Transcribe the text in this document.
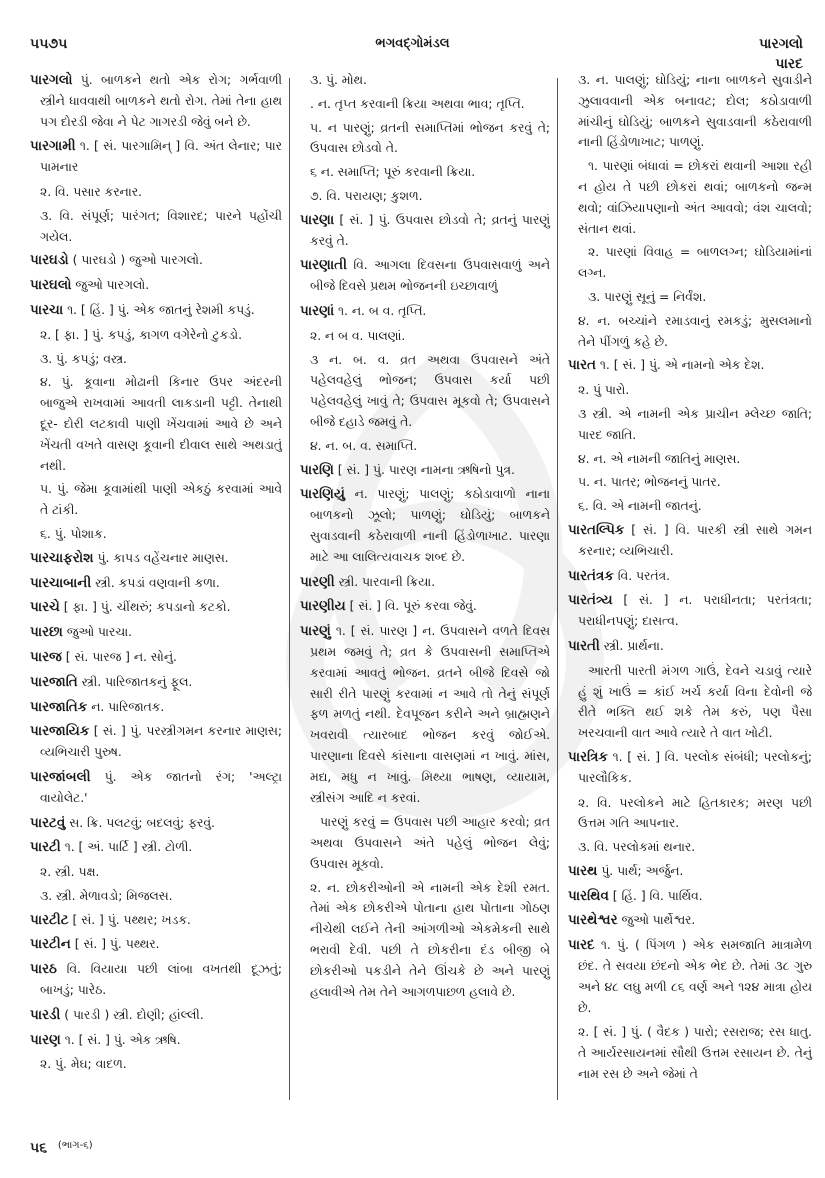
૫૫૭૫	ભગવદ્ગોમંડલ	પારગલો
પારદ

પારગલો પું. બાળકને થતો એક રોગ; ગર્ભવાળી સ્ત્રીને ધાવવાથી બાળકને થતો રોગ. તેમાં તેના હાથ પગ દોરડી જેવા ને પેટ ગાગરડી જેવું બને છે.

પારગામી ૧. [ સં. પારગામિન્ ] વિ. અંત લેનાર; પાર પામનાર

૨. વિ. પસાર કરનાર.

૩. વિ. સંપૂર્ણ; પારંગત; વિશારદ; પારને પહોંચી ગયેલ.

પારઘડો ( પારઘડો ) જુઓ પારગલો.

પારઘલો જુઓ પારગલો.

પારચા ૧. [ હિં. ] પું. એક જાતનું રેશમી કપડું.

૨. [ ફા. ] પું. કપડું, કાગળ વગેરેનો ટુકડો.

૩. પું. કપડું; વસ્ત્ર.

૪. પું. કૂવાના મોઢાની કિનાર ઉપર અંદરની બાજુએ રાખવામાં આવતી લાકડાની પટ્ટી. તેનાથી દૂર- દોરી લટકાવી પાણી ખેંચવામાં આવે છે અને ખેંચતી વખતે વાસણ કૂવાની દીવાલ સાથે અથડાતું નથી.

૫. પું. જેમા કૂવામાંથી પાણી એકઠું કરવામાં આવે તે ટાંકી.

૬. પું. પોશાક.

પારચાફરોશ પું. કાપડ વહેંચનાર માણસ.

પારચાબાની સ્ત્રી. કપડાં વણવાની કળા.

પારચે [ ફા. ] પું. ચીંથરું; કપડાનો કટકો.

પારછા જુઓ પારચા.

પારજ [ સં. પારજ ] ન. સોનું.

પારજાતિ સ્ત્રી. પારિજાતકનું ફૂલ.

પારજાતિક ન. પારિજાતક.

પારજાયિક [ સં. ] પું. પરસ્ત્રીગમન કરનાર માણસ; વ્યભિચારી પુરુષ.

પારજાંબલી પું. એક જાતનો રંગ; 'અલ્ટ્રા વાયોલેટ.'

પારટવું સ. ક્રિ. પલટવું; બદલવું; ફરવું.

પારટી ૧. [ અં. પાર્ટિ ] સ્ત્રી. ટોળી.

૨. સ્ત્રી. પક્ષ.

૩. સ્ત્રી. મેળાવડો; મિજલસ.

પારટીટ [ સં. ] પું. પથ્થર; ખડક.

પારટીન [ સં. ] પું. પથ્થર.

પારઠ વિ. વિયાયા પછી લાંબા વખતથી દૂઝતું; બાખડું; પારેઠ.

પારડી ( પારડી ) સ્ત્રી. દોણી; હાંલ્લી.

પારણ ૧. [ સં. ] પું. એક ઋષિ.

૨. પું. મેઘ; વાદળ.

૩. પું. મોથ.

. ન. તૃપ્ત કરવાની ક્રિયા અથવા ભાવ; તૃપ્તિ.

૫. ન પારણું; વ્રતની સમાપ્તિમાં ભોજન કરવું તે; ઉપવાસ છોડવો તે.

૬ ન. સમાપ્તિ; પૂરું કરવાની ક્રિયા.

૭. વિ. પરાયણ; કુશળ.

પારણા [ સં. ] પું. ઉપવાસ છોડવો તે; વ્રતનું પારણું કરવું તે.

પારણાતી વિ. આગલા દિવસના ઉપવાસવાળું અને બીજે દિવસે પ્રથમ ભોજનની ઇચ્છાવાળું

પારણાં ૧. ન. બ વ. તૃપ્તિ.

૨. ન બ વ. પાલણાં.

૩ ન. બ. વ. વ્રત અથવા ઉપવાસને અંતે પહેલવહેલું ભોજન; ઉપવાસ કર્યા પછી પહેલવહેલું ખાવું તે; ઉપવાસ મૂકવો તે; ઉપવાસને બીજે દહાડે જમવું તે.

૪. ન. બ. વ. સમાપ્તિ.

પારણિ [ સં. ] પું. પારણ નામના ઋષિનો પુત્ર.

પારણિયું ન. પારણું; પાલણું; કઠોડાવાળો નાના બાળકનો ઝૂલો; પાળણું; ઘોડિયું; બાળકને સુવાડવાની કઠેરાવાળી નાની હિંડોળાખાટ. પારણા માટે આ લાલિત્યવાચક શબ્દ છે.

પારણી સ્ત્રી. પારવાની ક્રિયા.

પારણીય [ સં. ] વિ. પૂરું કરવા જેવું.

પારણું ૧. [ સં. પારણ ] ન. ઉપવાસને વળતે દિવસ પ્રથમ જમવું તે; વ્રત કે ઉપવાસની સમાપ્તિએ કરવામાં આવતું ભોજન. વ્રતને બીજે દિવસે જો સારી રીતે પારણું કરવામાં ન આવે તો તેનું સંપૂર્ણ ફળ મળતું નથી. દેવપૂજન કરીને અને બ્રાહ્મણને ખવરાવી ત્યારબાદ ભોજન કરવું જોઈએ. પારણાના દિવસે કાંસાના વાસણમાં ન ખાવું. માંસ, મદ્ય, મધુ ન ખાવું. મિથ્યા ભાષણ, વ્યાયામ, સ્ત્રીસંગ આદિ ન કરવાં.

પારણું કરવું = ઉપવાસ પછી આહાર કરવો; વ્રત અથવા ઉપવાસને અંતે પહેલું ભોજન લેવું; ઉપવાસ મૂકવો.

૨. ન. છોકરીઓની એ નામની એક દેશી રમત. તેમાં એક છોકરીએ પોતાના હાથ પોતાના ગોઠણ નીચેથી લઈને તેની આંગળીઓ એકમેકની સાથે ભરાવી દેવી. પછી તે છોકરીના દંડ બીજી બે છોકરીઓ પકડીને તેને ઊંચકે છે અને પારણું હલાવીએ તેમ તેને આગળપાછળ હલાવે છે.

૩. ન. પાલણું; ઘોડિયું; નાના બાળકને સુવાડીને ઝુલાવવાની એક બનાવટ; દોલ; કઠોડાવાળી માંચીનું ઘોડિયું; બાળકને સુવાડવાની કઠેરાવાળી નાની હિંડોળાખાટ; પાળણું.

૧. પારણાં બંધાવાં = છોકરાં થવાની આશા રહી ન હોય તે પછી છોકરાં થવાં; બાળકનો જન્મ થવો; વાંઝિયાપણાનો અંત આવવો; વંશ ચાલવો; સંતાન થવાં.

૨. પારણાં વિવાહ = બાળલગ્ન; ઘોડિયામાંનાં લગ્ન.

૩. પારણું સૂનું = નિર્વંશ.

૪. ન. બચ્ચાંને રમાડવાનું રમકડું; મુસલમાનો તેને પીંગળું કહે છે.

પારત ૧. [ સં. ] પું. એ નામનો એક દેશ.

૨. પું પારો.

૩ સ્ત્રી. એ નામની એક પ્રાચીન મ્લેચ્છ જાતિ; પારદ જાતિ.

૪. ન. એ નામની જાતિનું માણસ.

૫. ન. પાતર; ભોજનનું પાતર.

૬. વિ. એ નામની જાતનું.

પારતલ્પિક [ સં. ] વિ. પારકી સ્ત્રી સાથે ગમન કરનાર; વ્યભિચારી.

પારતંત્રક વિ. પરતંત્ર.

પારતંત્ર્ય [ સં. ] ન. પરાધીનતા; પરતંત્રતા; પરાધીનપણું; દાસત્વ.

પારતી સ્ત્રી. પ્રાર્થના.

આરતી પારતી મંગળ ગાઉં, દેવને ચડાવું ત્યારે હું શું ખાઉં = કાંઈ ખર્ચ કર્યા વિના દેવોની જે રીતે ભક્તિ થઈ શકે તેમ કરું, પણ પૈસા ખરચવાની વાત આવે ત્યારે તે વાત ખોટી.

પારત્રિક ૧. [ સં. ] વિ. પરલોક સંબંધી; પરલોકનું; પારલૌકિક.

૨. વિ. પરલોકને માટે હિતકારક; મરણ પછી ઉત્તમ ગતિ આપનાર.

૩. વિ. પરલોકમાં થનાર.

પારથ પું. પાર્થ; અર્જુન.

પારથિવ [ હિં. ] વિ. પાર્થિવ.

પારથેશ્વર જુઓ પાર્થેશ્વર.

પારદ ૧. પું. ( પિંગળ ) એક સમજાતિ માત્રામેળ છંદ. તે સવયા છંદનો એક ભેદ છે. તેમાં ૩૮ ગુરુ અને ૪૮ લઘુ મળી ૮૬ વર્ણ અને ૧૨૪ માત્રા હોય છે.

૨. [ સં. ] પું. ( વૈદક ) પારો; રસરાજ; રસ ધાતુ. તે આર્યરસાયનમાં સૌથી ઉત્તમ રસાયન છે. તેનું નામ રસ છે અને જેમાં તે

૫૬ $^{(ભાગ-૬)}$
